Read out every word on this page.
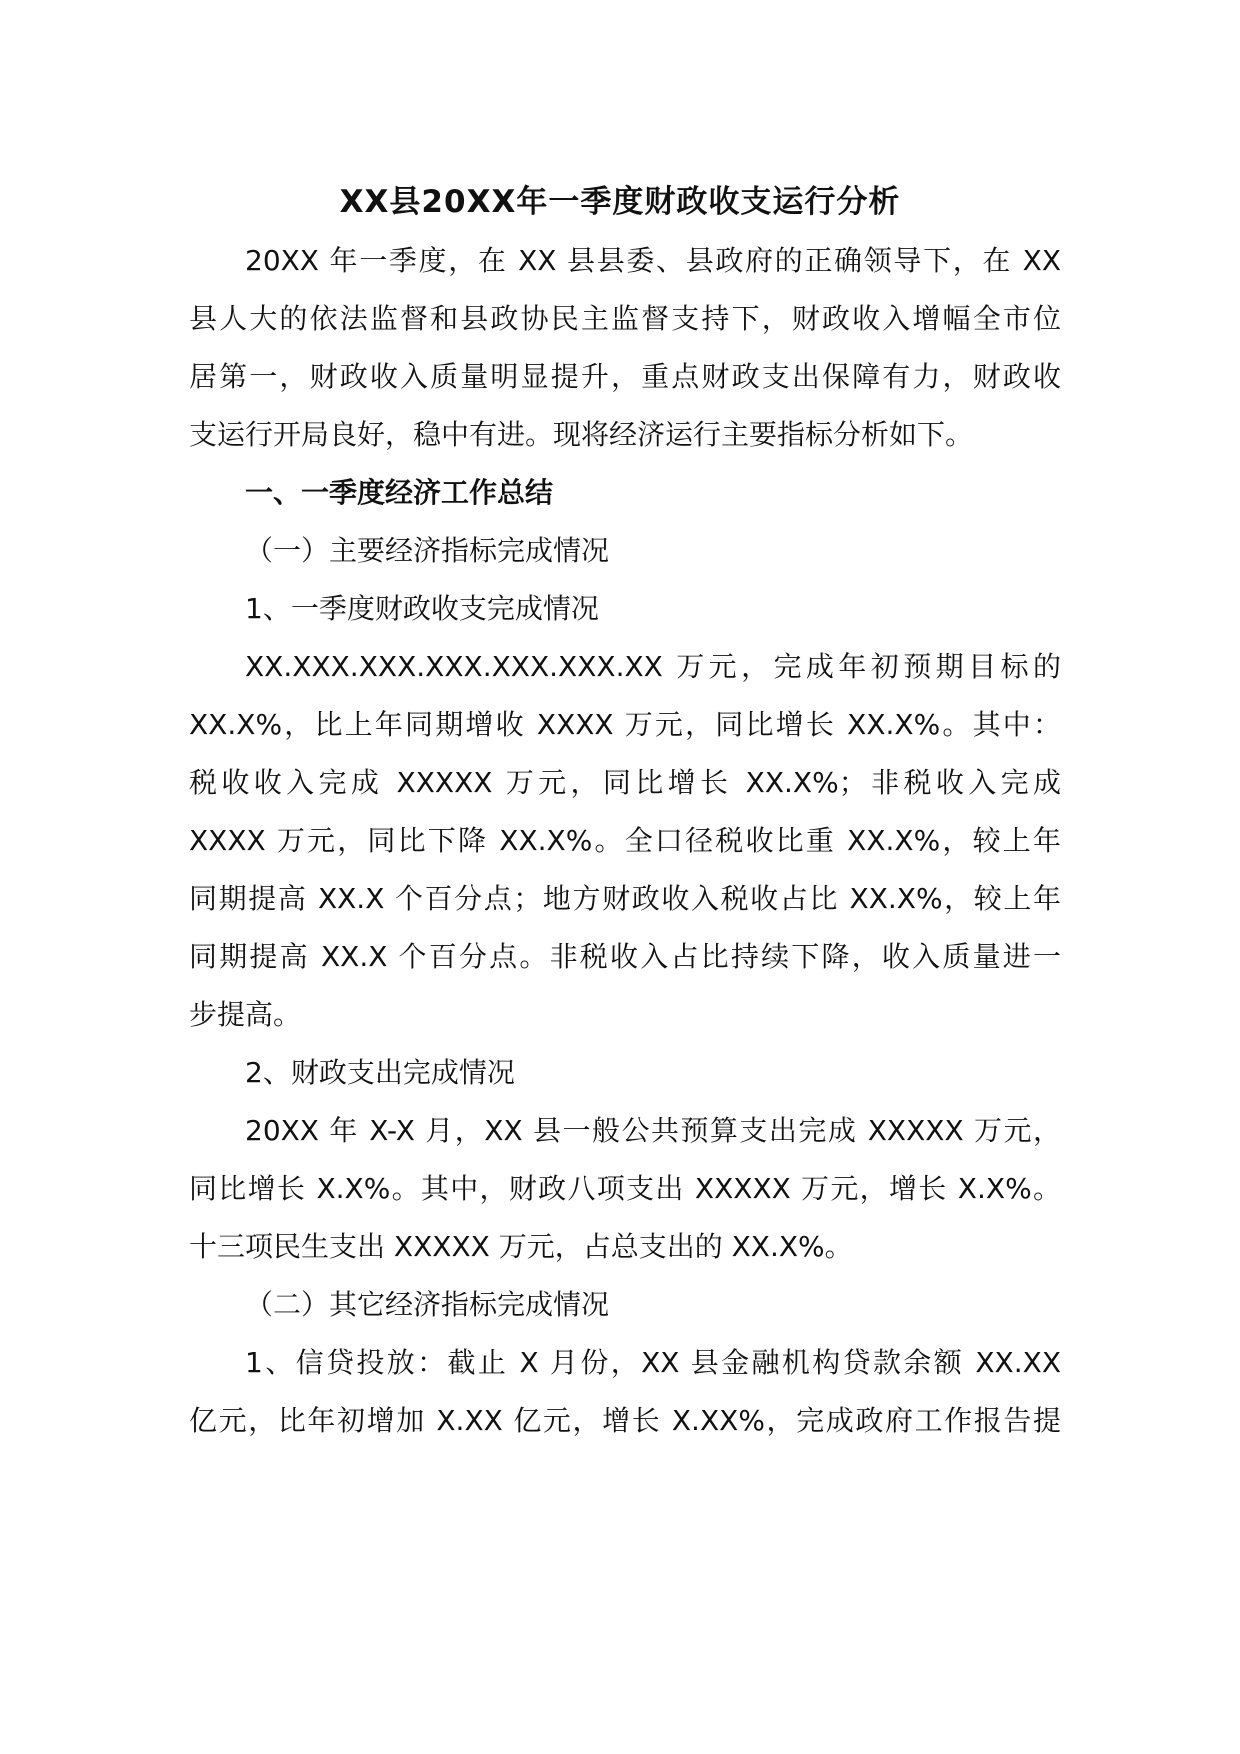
XX县20XX年一季度财政收支运行分析
20XX 年一季度，在 XX 县县委、县政府的正确领导下，在 XX
县人大的依法监督和县政协民主监督支持下，财政收入增幅全市位
居第一，财政收入质量明显提升，重点财政支出保障有力，财政收
支运行开局良好，稳中有进。现将经济运行主要指标分析如下。
一、一季度经济工作总结
（一）主要经济指标完成情况
1、一季度财政收支完成情况
XX.XXX.XXX.XXX.XXX.XXX.XX 万元，完成年初预期目标的
XX.X%，比上年同期增收 XXXX 万元，同比增长 XX.X%。其中：
税收收入完成 XXXXX 万元，同比增长 XX.X%；非税收入完成
XXXX 万元，同比下降 XX.X%。全口径税收比重 XX.X%，较上年
同期提高 XX.X 个百分点；地方财政收入税收占比 XX.X%，较上年
同期提高 XX.X 个百分点。非税收入占比持续下降，收入质量进一
步提高。
2、财政支出完成情况
20XX 年 X-X 月，XX 县一般公共预算支出完成 XXXXX 万元，
同比增长 X.X%。其中，财政八项支出 XXXXX 万元，增长 X.X%。
十三项民生支出 XXXXX 万元，占总支出的 XX.X%。
（二）其它经济指标完成情况
1、信贷投放：截止 X 月份，XX 县金融机构贷款余额 XX.XX
亿元，比年初增加 X.XX 亿元，增长 X.XX%，完成政府工作报告提
